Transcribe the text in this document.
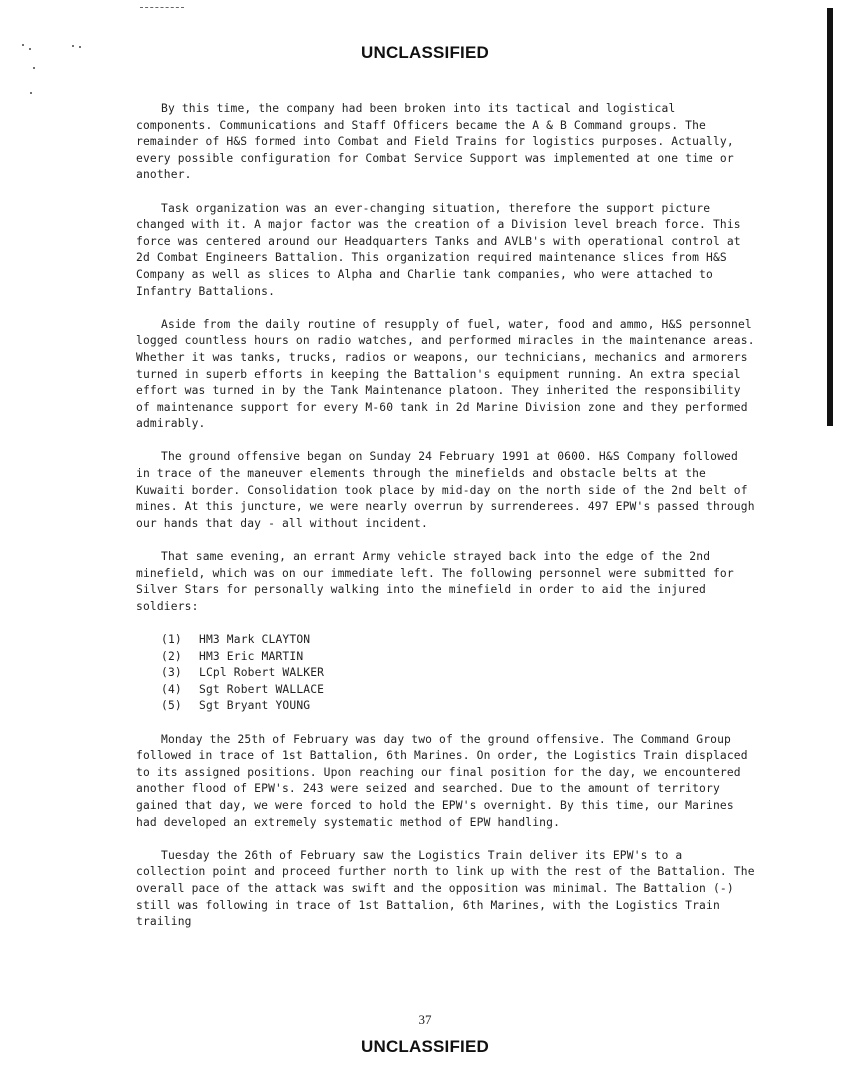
UNCLASSIFIED

By this time, the company had been broken into its tactical and logistical components. Communications and Staff Officers became the A & B Command groups. The remainder of H&S formed into Combat and Field Trains for logistics purposes. Actually, every possible configuration for Combat Service Support was implemented at one time or another.

Task organization was an ever-changing situation, therefore the support picture changed with it. A major factor was the creation of a Division level breach force. This force was centered around our Headquarters Tanks and AVLB's with operational control at 2d Combat Engineers Battalion. This organization required maintenance slices from H&S Company as well as slices to Alpha and Charlie tank companies, who were attached to Infantry Battalions.

Aside from the daily routine of resupply of fuel, water, food and ammo, H&S personnel logged countless hours on radio watches, and performed miracles in the maintenance areas. Whether it was tanks, trucks, radios or weapons, our technicians, mechanics and armorers turned in superb efforts in keeping the Battalion's equipment running. An extra special effort was turned in by the Tank Maintenance platoon. They inherited the responsibility of maintenance support for every M-60 tank in 2d Marine Division zone and they performed admirably.

The ground offensive began on Sunday 24 February 1991 at 0600. H&S Company followed in trace of the maneuver elements through the minefields and obstacle belts at the Kuwaiti border. Consolidation took place by mid-day on the north side of the 2nd belt of mines. At this juncture, we were nearly overrun by surrenderees. 497 EPW's passed through our hands that day - all without incident.

That same evening, an errant Army vehicle strayed back into the edge of the 2nd minefield, which was on our immediate left. The following personnel were submitted for Silver Stars for personally walking into the minefield in order to aid the injured soldiers:

(1) HM3 Mark CLAYTON
(2) HM3 Eric MARTIN
(3) LCpl Robert WALKER
(4) Sgt Robert WALLACE
(5) Sgt Bryant YOUNG

Monday the 25th of February was day two of the ground offensive. The Command Group followed in trace of 1st Battalion, 6th Marines. On order, the Logistics Train displaced to its assigned positions. Upon reaching our final position for the day, we encountered another flood of EPW's. 243 were seized and searched. Due to the amount of territory gained that day, we were forced to hold the EPW's overnight. By this time, our Marines had developed an extremely systematic method of EPW handling.

Tuesday the 26th of February saw the Logistics Train deliver its EPW's to a collection point and proceed further north to link up with the rest of the Battalion. The overall pace of the attack was swift and the opposition was minimal. The Battalion (-) still was following in trace of 1st Battalion, 6th Marines, with the Logistics Train trailing

37
UNCLASSIFIED
